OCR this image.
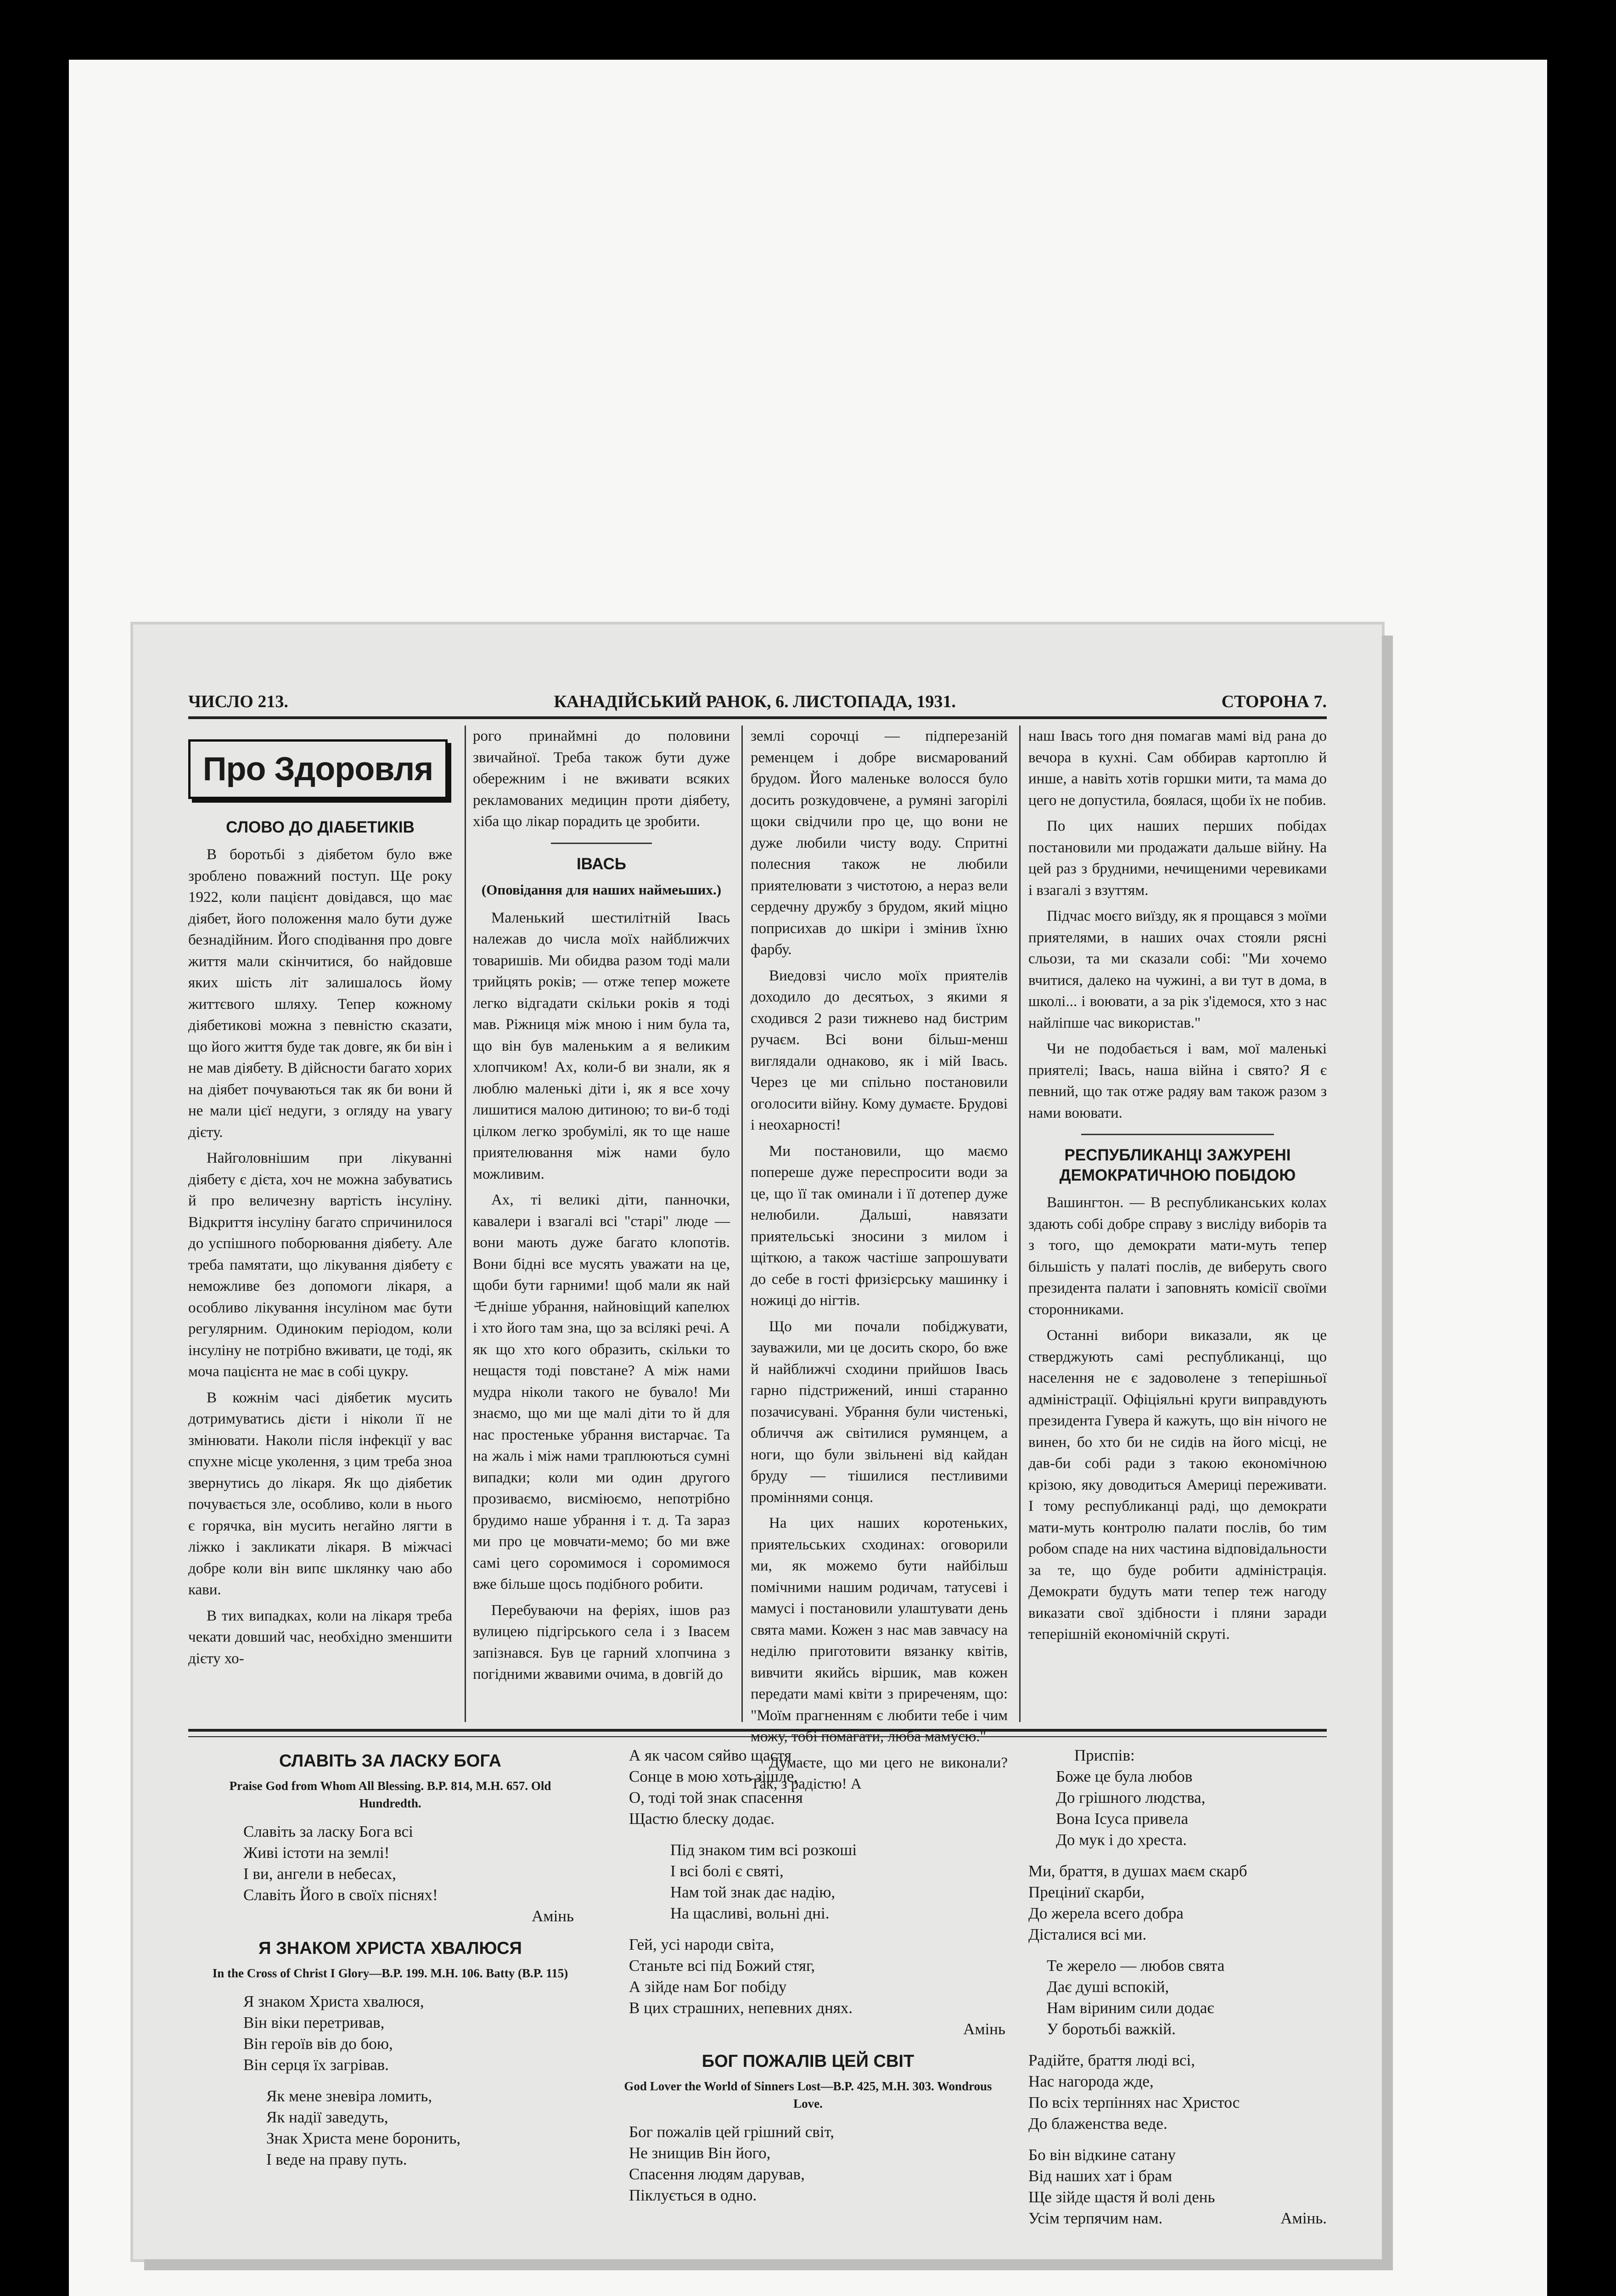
ЧИСЛО 213.	КАНАДІЙСЬКИЙ РАНОК, 6. ЛИСТОПАДА, 1931.	СТОРОНА 7.
Про Здоровля
СЛОВО ДО ДІАБЕТИКІВ

В боротьбі з діябетом було вже зроблено поважний поступ. Ще року 1922, коли пацієнт довідався, що має діябет, його положення мало бути дуже безнадійним. Його сподівання про довге життя мали скінчитися, бо найдовше яких шість літ залишалось йому життєвого шляху. Тепер кожному діябетикові можна з певністю сказати, що його життя буде так довге, як би він і не мав діябету. В дійсности багато хорих на діябет почуваються так як би вони й не мали цієї недуги, з огляду на увагу дієту.

Найголовнішим при лікуванні діябету є дієта, хоч не можна забуватись й про величезну вартість інсуліну. Відкриття інсуліну багато спричинилося до успішного поборювання діябету. Але треба памятати, що лікування діябету є неможливе без допомоги лікаря, а особливо лікування інсуліном має бути регулярним. Одиноким періодом, коли інсуліну не потрібно вживати, це тоді, як моча пацієнта не має в собі цукру.

В кожнім часі діябетик мусить дотримуватись дієти і ніколи її не змінювати. Наколи після інфекції у вас спухне місце уколення, з цим треба зноа звернутись до лікаря. Як що діябетик почувається зле, особливо, коли в нього є горячка, він мусить негайно лягти в ліжко і закликати лікаря. В міжчасі добре коли він випє шклянку чаю або кави.

В тих випадках, коли на лікаря треба чекати довший час, необхідно зменшити дієту хо-

рого принаймні до половини звичайної. Треба також бути дуже обережним і не вживати всяких рекламованих медицин проти діябету, хіба що лікар порадить це зробити.

ІВАСЬ
(Оповідання для наших наймеьших.)

Маленький шестилітній Івась належав до числа моїх найближчих товаришів. Ми обидва разом тоді мали трийцять років; — отже тепер можете легко відгадати скільки років я тоді мав. Ріжниця між мною і ним була та, що він був маленьким а я великим хлопчиком! Ах, коли-б ви знали, як я люблю маленькі діти і, як я все хочу лишитися малою дитиною; то ви-б тоді цілком легко зробумілі, як то ще наше приятелювання між нами було можливим.

Ах, ті великі діти, панночки, кавалери і взагалі всі "старі" люде — вони мають дуже багато клопотів. Вони бідні все мусять уважати на це, щоби бути гарними! щоб мали як найモдніше убрання, найновіщий капелюх і хто його там зна, що за всілякі речі. А як що хто кого образить, скільки то нещастя тоді повстане? А між нами мудра ніколи такого не бувало! Ми знаємо, що ми ще малі діти то й для нас простеньке убрання вистарчає. Та на жаль і між нами траплюються сумні випадки; коли ми один другого прозиваємо, висміюємо, непотрібно брудимо наше убрання і т. д. Та зараз ми про це мовчати-мемо; бо ми вже самі цего соромимося і соромимося вже більше щось подібного робити.

Перебуваючи на феріях, ішов раз вулицею підгірського села і з Івасем запізнався. Був це гарний хлопчина з погідними жвавими очима, в довгій до

землі сорочці — підперезаній ременцем і добре висмарований брудом. Його маленьке волосся було досить розкудовчене, а румяні загорілі щоки свідчили про це, що вони не дуже любили чисту воду. Спритні полесния також не любили приятелювати з чистотою, а нераз вели сердечну дружбу з брудом, який мiцно поприсихав до шкіри і змінив їхню фарбу.

Виедовзі число моїх приятелів доходило до десятьох, з якими я сходився 2 рази тижнево над бистрим ручаєм. Всі вони більш-менш виглядали однаково, як і мій Івась. Через це ми спільно постановили огoлосити війну. Кому думаєте. Брудові і неохарності!

Ми постановили, що маємо попереше дуже переспросити води за це, що її так оминали і її дотепер дуже нелюбили. Дальші, навязати приятельські знoсини з милом і щіткою, а також частіше запрошувати до себе в гості фризієрську машинку і ножиці до нігтів.

Що ми почали побіджувати, зауважили, ми це досить скоро, бо вже й найближчі сходини прийшов Івась гарно підстрижений, инші старанно позачисувані. Убрання були чистенькі, обличчя аж світилися румянцем, а ноги, що були звільнені від кайдан бруду — тішилися пестливими проміннями сонця.

На цих наших коротеньких, приятельських сходинах: оговорили ми, як можемо бути найбільш помічними нашим родичам, татусеві і мамусі і постановили улаштувати день свята мами. Кожен з нас мав завчасу на неділю приготовити вязанку квітів, вивчити якийсь віршик, мав кожен передати мамі квіти з приреченям, що: "Моїм прагненням є любити тебе і чим можу, тобі помагати, люба мамусю."

Думаєте, що ми цего не виконали? Так, з радістю! А

наш Івась того дня помагав мамі від рана до вечора в кухні. Сам оббирав картоплю й инше, а навіть хотів горшки мити, та мама до цего не допустила, боялася, щоби їх не побив.

По цих наших перших побідах постановили ми продажати дальше війну. На цей раз з брудними, нечищеними черевиками і взагалі з взуттям.

Підчас моєго виїзду, як я прощався з моїми приятелями, в наших очах стояли рясні сльози, та ми сказали собі: "Ми хочемо вчитися, далеко на чужині, а ви тут в дома, в школі... і воювати, а за рік з'ідемося, хто з нас найліпше час використав."

Чи не подобається і вам, мої маленькі приятелі; Івась, наша війна і свято? Я є певний, що так отже радяу вам також разом з нами воювати.

РЕСПУБЛИКАНЦІ ЗАЖУРЕНІ ДЕМОКРАТИЧНОЮ ПОБІДОЮ

Вашингтон. — В республиканських колах здають собі добре справу з висліду виборів та з того, що демократи мати-муть тепер більшість у палаті послів, де виберуть свого президента палати і заповнять комісії своїми сторонниками.

Останні вибори виказали, як це стверджують самі республиканці, що населення не є задоволене з теперішньої адміністрації. Офіціяльні круги виправдують президента Гувера й кажуть, що він нічого не винен, бо хто би не сидів на його місці, не дав-би собі ради з такою економічною крізою, яку доводиться Америці переживати. І тому республиканці раді, що демократи мати-муть контролю палати послів, бо тим робом спаде на них частина відповідальности за те, що буде робити адміністрація. Демократи будуть мати тепер теж нагоду виказати свої здібности і пляни заради теперішній економічній скруті.

СЛАВІТЬ ЗА ЛАСКУ БОГА
Praise God from Whom All Blessing. B.P. 814, M.H. 657. Old Hundredth.
Славіть за ласку Бога всі
Живі істоти на землі!
І ви, ангели в небесах,
Славіть Його в своїх піснях!
Амінь
Я ЗНАКОМ ХРИСТА ХВАЛЮСЯ
In the Cross of Christ I Glory—B.P. 199. M.H. 106. Batty (B.P. 115)
Я знаком Христа хвалюся,
Він віки перетривав,
Він героїв вів до бою,
Він серця їх загрівав.
Як мене зневіра ломить,
Як надії заведуть,
Знак Христа мене боронить,
І веде на праву путь.
А як часом сяйво щастя
Сонце в мою хоть зішле,
О, тоді той знак спасення
Щастю блеску додає.
Під знаком тим всі розкоші
І всі болі є святі,
Нам той знак дає надію,
На щасливі, вольні дні.
Гей, усі народи світа,
Станьте всі під Божий стяг,
А зійде нам Бог побіду
В цих страшних, непевних днях.
Амінь
БОГ ПОЖАЛІВ ЦЕЙ СВІТ
God Lover the World of Sinners Lost—B.P. 425, M.H. 303. Wondrous Love.
Бог пожалів цей грішний світ,
Не знищив Він його,
Спасення людям дарував,
Піклується в одно.
Приспів:
Боже це була любов
До грішного людства,
Вона Ісуса привела
До мук і до хреста.
Ми, браття, в душах маєм скарб
Преціниї скарби,
До жерела всего добра
Дісталися всі ми.
Те жерело — любов свята
Дає душі вспокій,
Нам віриним сили додає
У боротьбі важкій.
Радійте, браття люді всі,
Нас нагорода жде,
По всіх терпіннях нас Христос
До блаженства веде.
Бо він відкине сатану
Від наших хат і брам
Ще зійде щастя й волі день
Усім терпячим нам.	Амінь.
